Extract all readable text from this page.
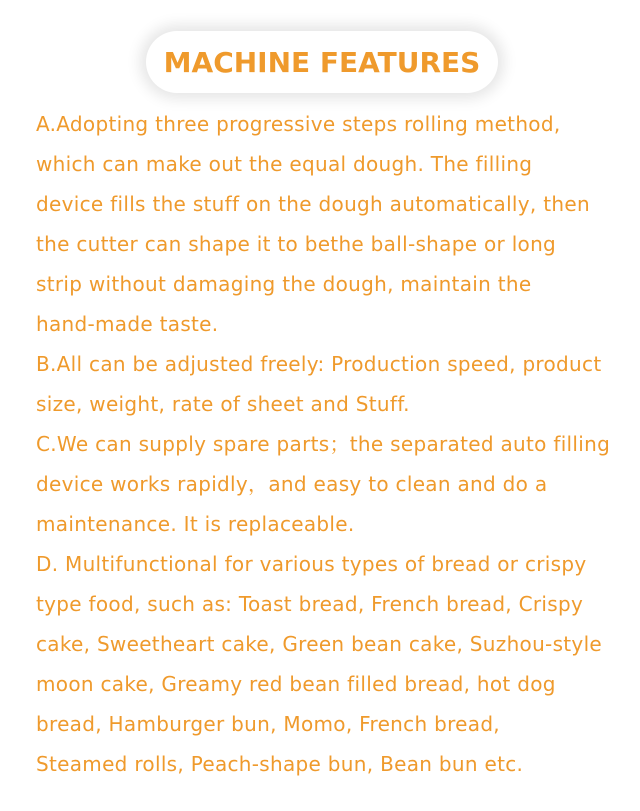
MACHINE FEATURES
A.Adopting three progressive steps rolling method,
which can make out the equal dough. The filling
device fills the stuff on the dough automatically, then
the cutter can shape it to bethe ball-shape or long
strip without damaging the dough, maintain the
hand-made taste.
B.All can be adjusted freely: Production speed, product
size, weight, rate of sheet and Stuff.
C.We can supply spare parts；the separated auto filling
device works rapidly，and easy to clean and do a
maintenance. It is replaceable.
D. Multifunctional for various types of bread or crispy
type food, such as: Toast bread, French bread, Crispy
cake, Sweetheart cake, Green bean cake, Suzhou-style
moon cake, Greamy red bean filled bread, hot dog
bread, Hamburger bun, Momo, French bread,
Steamed rolls, Peach-shape bun, Bean bun etc.
